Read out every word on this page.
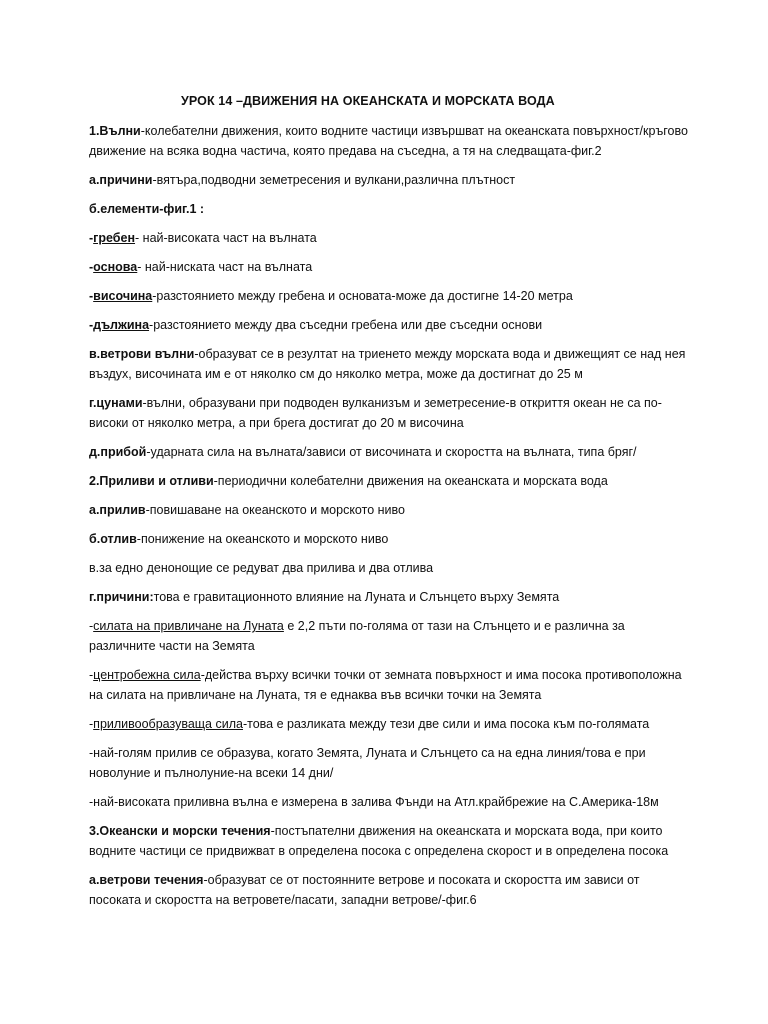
УРОК 14 –ДВИЖЕНИЯ НА ОКЕАНСКАТА И МОРСКАТА ВОДА

1.Вълни-колебателни движения, които водните частици извършват на океанската повърхност/кръгово движение на всяка водна частича, която предава на съседна, а тя на следващата-фиг.2

а.причини-вятъра,подводни земетресения и вулкани,различна плътност

б.елементи-фиг.1 :

-гребен- най-високата част на вълната

-основа- най-ниската част на вълната

-височина-разстоянието между гребена и основата-може да достигне 14-20 метра

-дължина-разстоянието между два съседни гребена или две съседни основи

в.ветрови вълни-образуват се в резултат на триенето между морската вода и движещият се над нея въздух, височината им е от няколко см до няколко метра, може да достигнат до 25 м

г.цунами-вълни, образувани при подводен вулканизъм и земетресение-в откриття океан не са по-високи от няколко метра, а при брега достигат до 20 м височина

д.прибой-ударната сила на вълната/зависи от височината и скоростта на вълната, типа бряг/

2.Приливи и отливи-периодични колебателни движения на океанската и морската вода

а.прилив-повишаване на океанското и морското ниво

б.отлив-понижение на океанското и морското ниво

в.за едно денонощие се редуват два прилива и два отлива

г.причини:това е гравитационното влияние на Луната и Слънцето върху Земята

-силата на привличане на Луната е 2,2 пъти по-голяма от тази на Слънцето и е различна за различните части на Земята

-центробежна сила-действа върху всички точки от земната повърхност и има посока противоположна на силата на привличане на Луната, тя е еднаква във всички точки на Земята

-приливообразуваща сила-това е разликата между тези две сили и има посока към по-голямата

-най-голям прилив се образува, когато Земята, Луната и Слънцето са на една линия/това е при новолуние и пълнолуние-на всеки 14 дни/

-най-високата приливна вълна е измерена в залива Фънди на Атл.крайбрежие на С.Америка-18м

3.Океански и морски течения-постъпателни движения на океанската и морската вода, при които водните частици се придвижват в определена посока с определена скорост и в определена посока

а.ветрови течения-образуват се от постоянните ветрове и посоката и скоростта им зависи от посоката и скоростта на ветровете/пасати, западни ветрове/-фиг.6
